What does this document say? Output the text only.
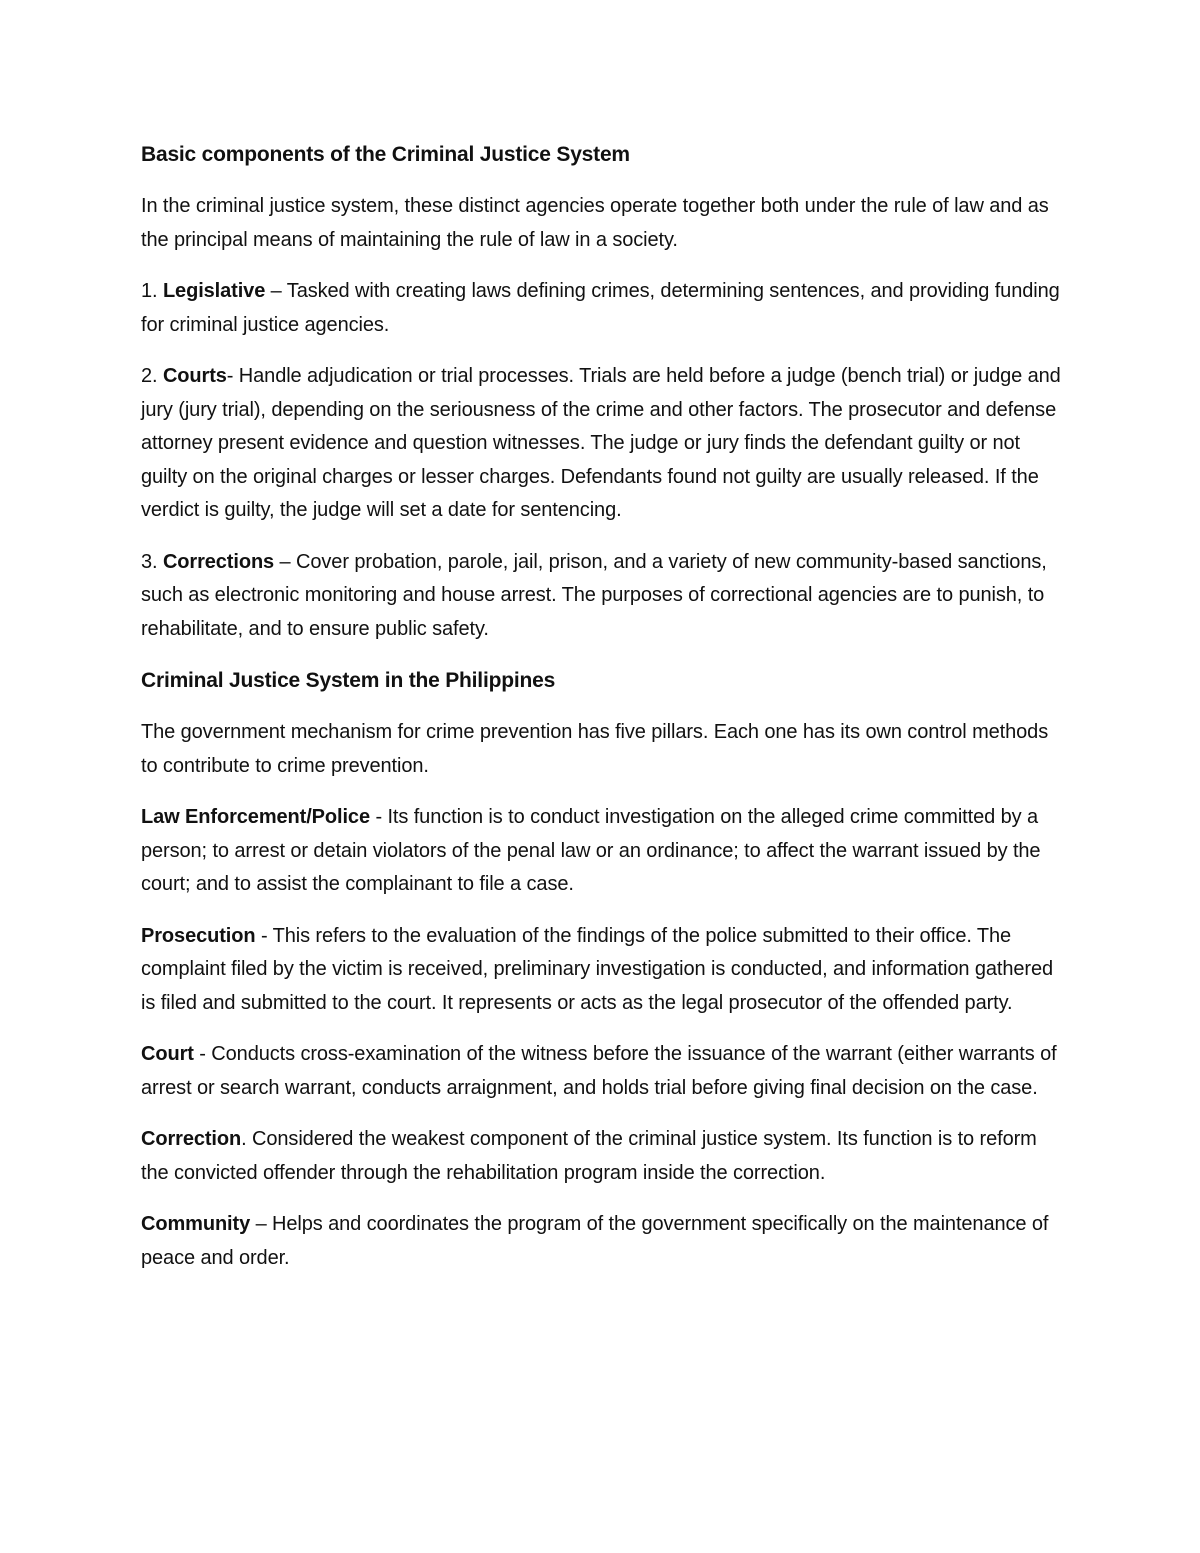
Basic components of the Criminal Justice System

In the criminal justice system, these distinct agencies operate together both under the rule of law and as the principal means of maintaining the rule of law in a society.

1. Legislative – Tasked with creating laws defining crimes, determining sentences, and providing funding for criminal justice agencies.

2. Courts- Handle adjudication or trial processes. Trials are held before a judge (bench trial) or judge and jury (jury trial), depending on the seriousness of the crime and other factors. The prosecutor and defense attorney present evidence and question witnesses. The judge or jury finds the defendant guilty or not guilty on the original charges or lesser charges. Defendants found not guilty are usually released. If the verdict is guilty, the judge will set a date for sentencing.

3. Corrections – Cover probation, parole, jail, prison, and a variety of new community-based sanctions, such as electronic monitoring and house arrest. The purposes of correctional agencies are to punish, to rehabilitate, and to ensure public safety.

Criminal Justice System in the Philippines

The government mechanism for crime prevention has five pillars. Each one has its own control methods to contribute to crime prevention.

Law Enforcement/Police - Its function is to conduct investigation on the alleged crime committed by a person; to arrest or detain violators of the penal law or an ordinance; to affect the warrant issued by the court; and to assist the complainant to file a case.

Prosecution - This refers to the evaluation of the findings of the police submitted to their office. The complaint filed by the victim is received, preliminary investigation is conducted, and information gathered is filed and submitted to the court. It represents or acts as the legal prosecutor of the offended party.

Court - Conducts cross-examination of the witness before the issuance of the warrant (either warrants of arrest or search warrant, conducts arraignment, and holds trial before giving final decision on the case.

Correction. Considered the weakest component of the criminal justice system. Its function is to reform the convicted offender through the rehabilitation program inside the correction.

Community – Helps and coordinates the program of the government specifically on the maintenance of peace and order.
